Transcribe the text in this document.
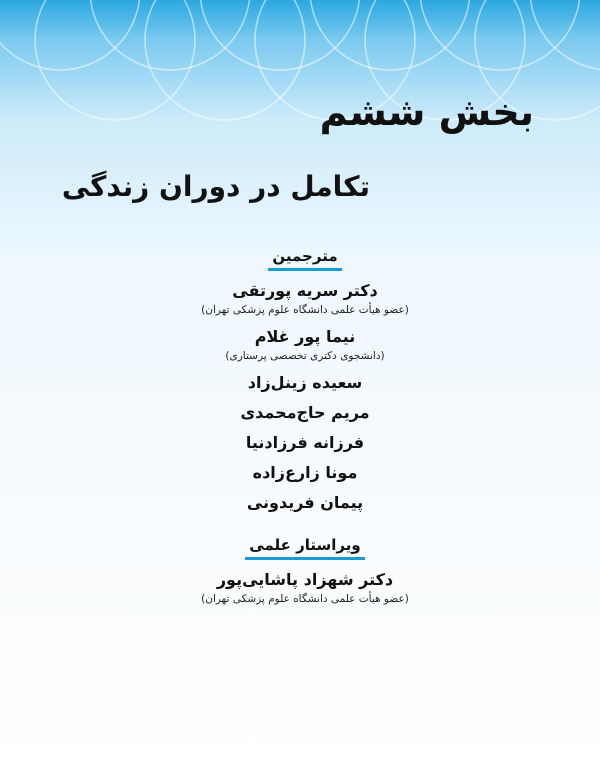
بخش ششم
تکامل در دوران زندگی
مترجمین
دکتر سریه پورتقی
(عضو هیأت علمی دانشگاه علوم پزشکی تهران)
نیما پور غلام
(دانشجوی دکتری تخصصی پرستاری)
سعیده زینل‌زاد
مریم حاج‌محمدی
فرزانه فرزادنیا
مونا زارع‌زاده
پیمان فریدونی
ویراستار علمی
دکتر شهزاد پاشایی‌پور
(عضو هیأت علمی دانشگاه علوم پزشکی تهران)
